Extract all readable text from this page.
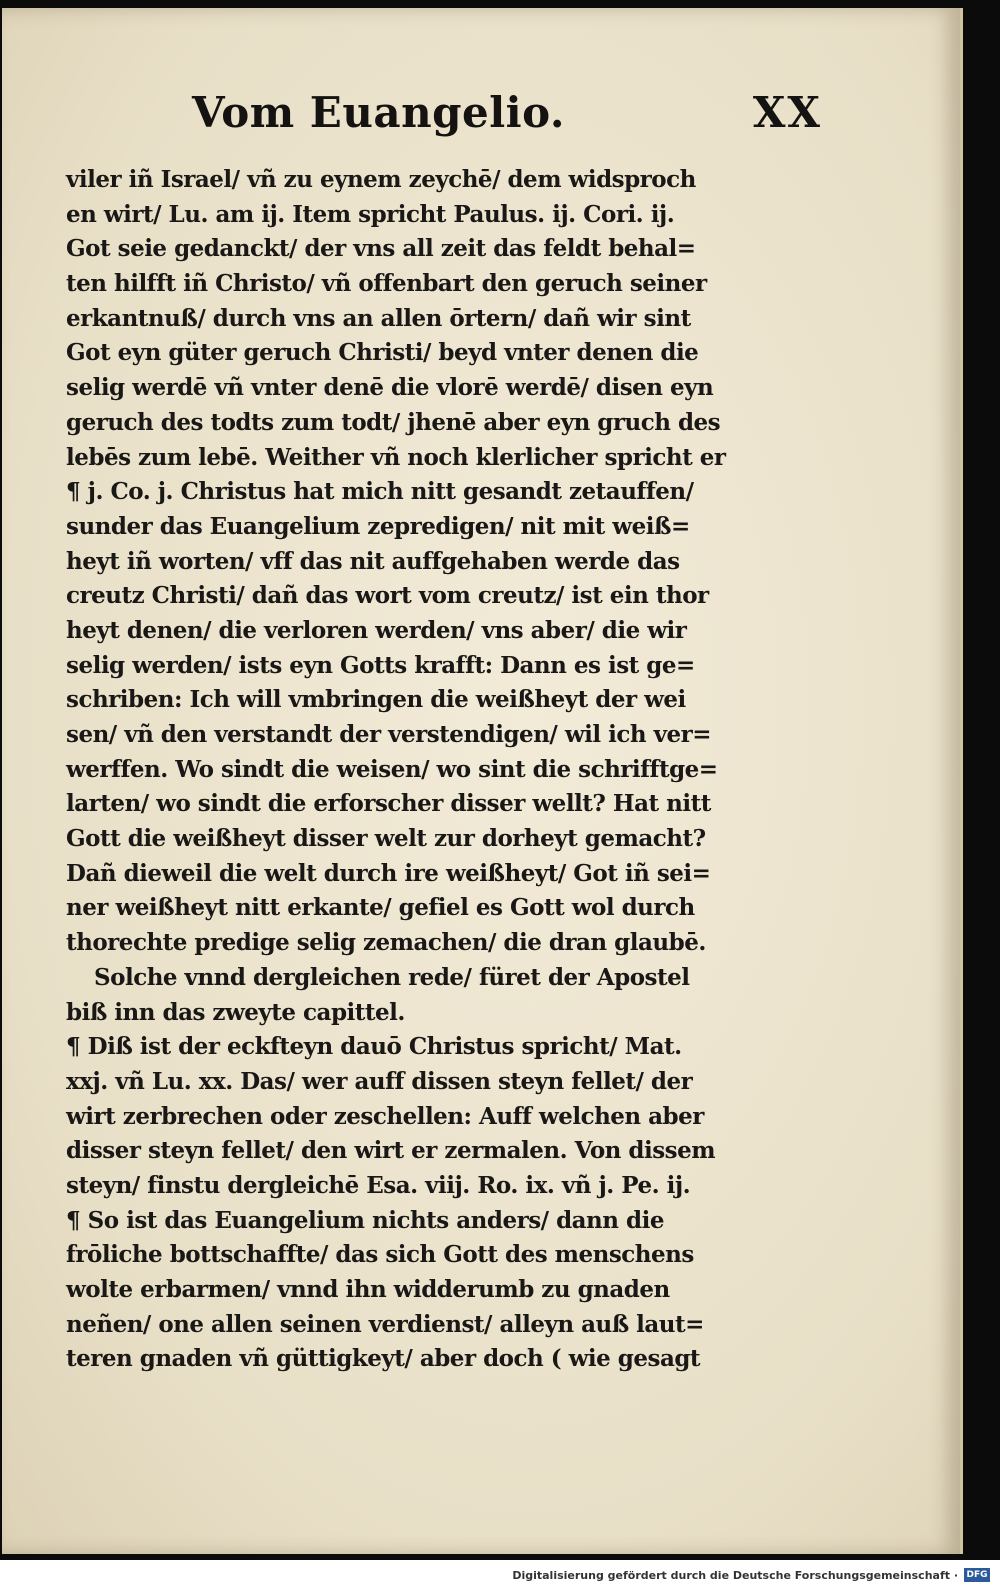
Vom Euangelio.	XX
viler iñ Israel/ vñ zu eynem zeychē/ dem widsproch
en wirt/ Lu. am ij. Item spricht Paulus. ij. Cori. ij.
Got seie gedanckt/ der vns all zeit das feldt behal=
ten hilfft iñ Christo/ vñ offenbart den geruch seiner
erkantnuß/ durch vns an allen ōrtern/ dañ wir sint
Got eyn güter geruch Christi/ beyd vnter denen die
selig werdē vñ vnter denē die vlorē werdē/ disen eyn
geruch des todts zum todt/ jhenē aber eyn gruch des
lebēs zum lebē. Weither vñ noch klerlicher spricht er
¶ j. Co. j. Christus hat mich nitt gesandt zetauffen/
sunder das Euangelium zepredigen/ nit mit weiß=
heyt iñ worten/ vff das nit auffgehaben werde das
creutz Christi/ dañ das wort vom creutz/ ist ein thor
heyt denen/ die verloren werden/ vns aber/ die wir
selig werden/ ists eyn Gotts krafft: Dann es ist ge=
schriben: Ich will vmbringen die weißheyt der wei
sen/ vñ den verstandt der verstendigen/ wil ich ver=
werffen. Wo sindt die weisen/ wo sint die schrifftge=
larten/ wo sindt die erforscher disser wellt? Hat nitt
Gott die weißheyt disser welt zur dorheyt gemacht?
Dañ dieweil die welt durch ire weißheyt/ Got iñ sei=
ner weißheyt nitt erkante/ gefiel es Gott wol durch
thorechte predige selig zemachen/ die dran glaubē.
Solche vnnd dergleichen rede/ füret der Apostel
biß inn das zweyte capittel.
¶ Diß ist der eckfteyn dauō Christus spricht/ Mat.
xxj. vñ Lu. xx. Das/ wer auff dissen steyn fellet/ der
wirt zerbrechen oder zeschellen: Auff welchen aber
disser steyn fellet/ den wirt er zermalen. Von dissem
steyn/ finstu dergleichē Esa. viij. Ro. ix. vñ j. Pe. ij.
¶ So ist das Euangelium nichts anders/ dann die
frōliche bottschaffte/ das sich Gott des menschens
wolte erbarmen/ vnnd ihn widderumb zu gnaden
neñen/ one allen seinen verdienst/ alleyn auß laut=
teren gnaden vñ güttigkeyt/ aber doch ( wie gesagt
Digitalisierung gefördert durch die Deutsche Forschungsgemeinschaft · DFG
